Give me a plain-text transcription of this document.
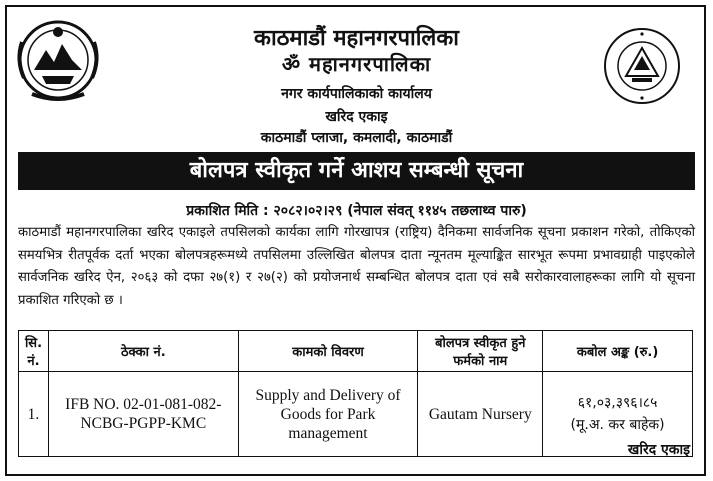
काठमाडौं महानगरपालिका
ॐ महानगरपालिका
नगर कार्यपालिकाको कार्यालय
खरिद एकाइ
काठमाडौं प्लाजा, कमलादी, काठमाडौं
बोलपत्र स्वीकृत गर्ने आशय सम्बन्धी सूचना
प्रकाशित मिति : २०८२।०२।२९ (नेपाल संवत् ११४५ तछलाथ्व पारु)
काठमाडौं महानगरपालिका खरिद एकाइले तपसिलको कार्यका लागि गोरखापत्र (राष्ट्रिय) दैनिकमा सार्वजनिक सूचना प्रकाशन गरेको, तोकिएको समयभित्र रीतपूर्वक दर्ता भएका बोलपत्रहरूमध्ये तपसिलमा उल्लिखित बोलपत्र दाता न्यूनतम मूल्याङ्कित सारभूत रूपमा प्रभावग्राही पाइएकोले सार्वजनिक खरिद ऐन, २०६३ को दफा २७(१) र २७(२) को प्रयोजनार्थ सम्बन्धित बोलपत्र दाता एवं सबै सरोकारवालाहरूका लागि यो सूचना प्रकाशित गरिएको छ ।
सि. नं.	ठेक्का नं.	कामको विवरण	बोलपत्र स्वीकृत हुने फर्मको नाम	कबोल अङ्क (रु.)
1.	IFB NO. 02-01-081-082-NCBG-PGPP-KMC	Supply and Delivery of Goods for Park management	Gautam Nursery	६१,०३,३९६।८५
(मू.अ. कर बाहेक)
खरिद एकाइ
